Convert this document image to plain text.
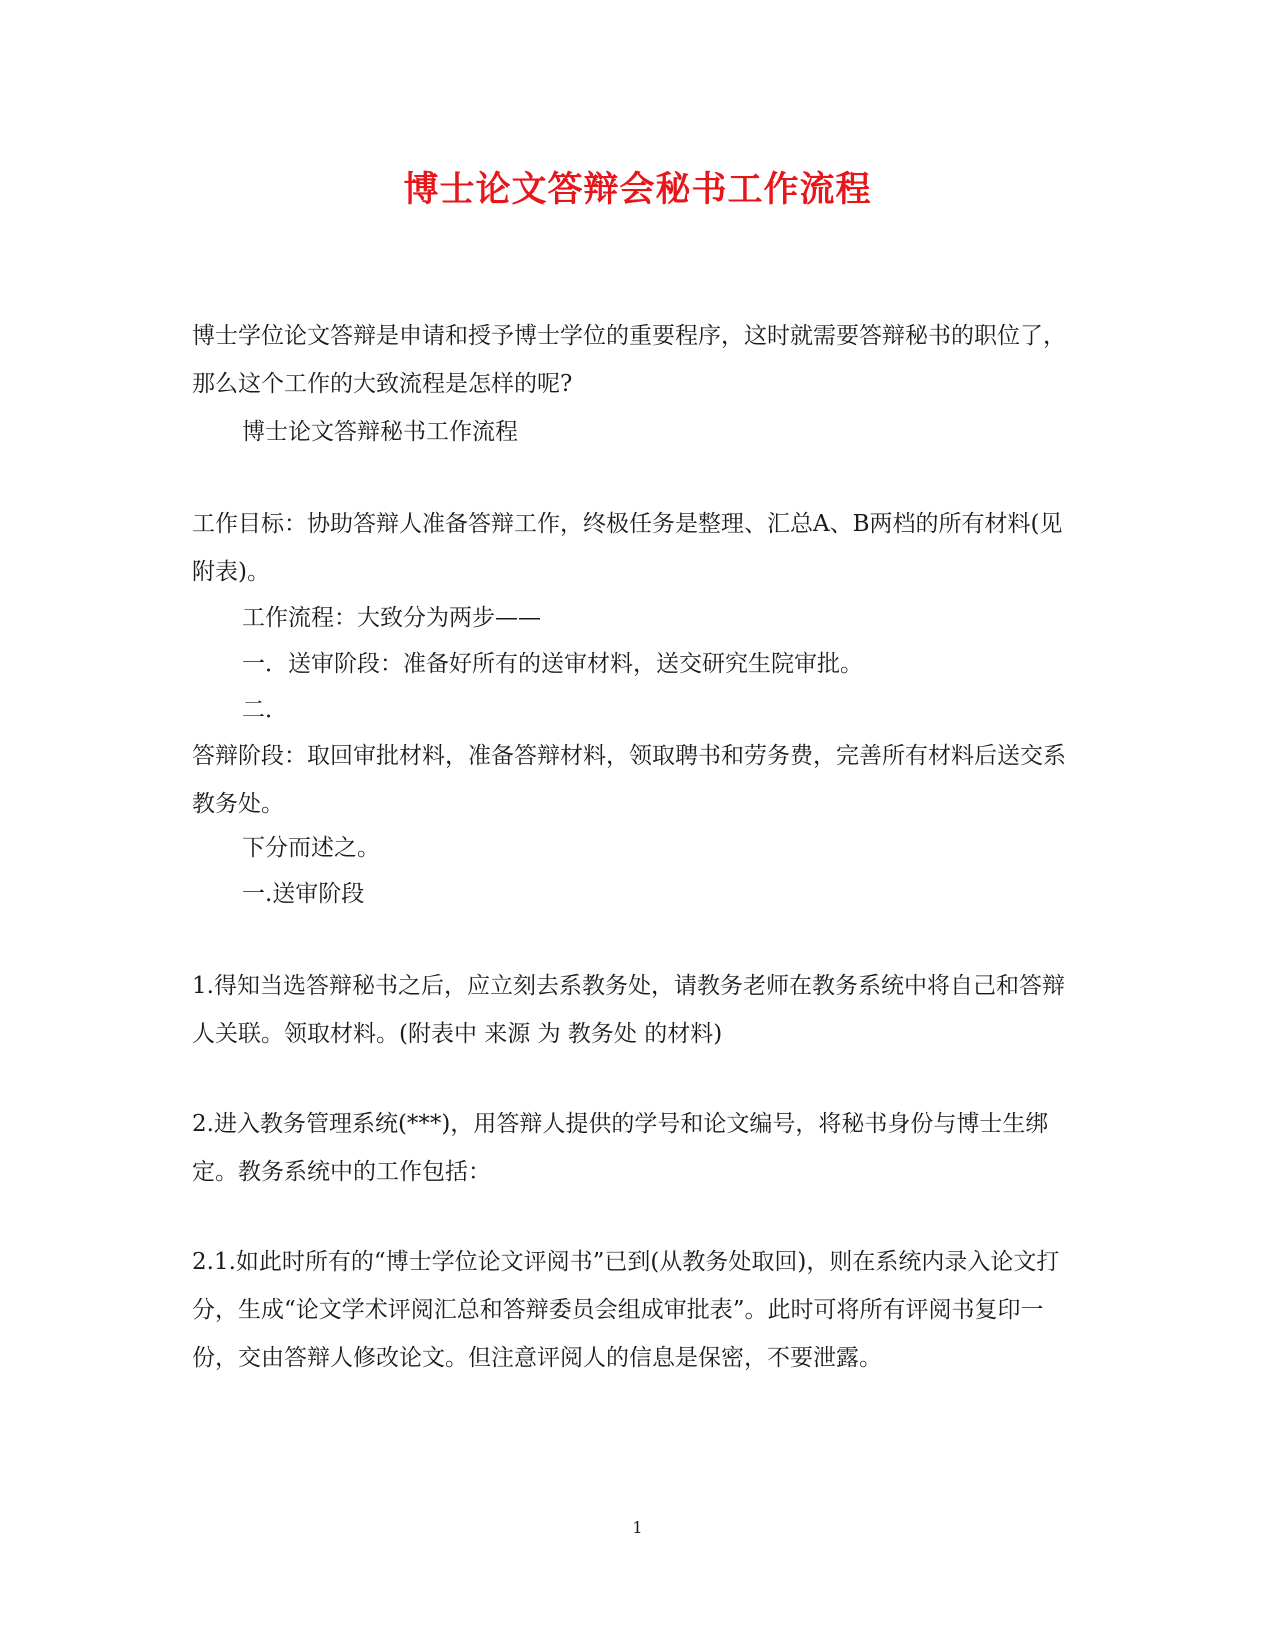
博士论文答辩会秘书工作流程

博士学位论文答辩是申请和授予博士学位的重要程序，这时就需要答辩秘书的职位了，那么这个工作的大致流程是怎样的呢?

博士论文答辩秘书工作流程

工作目标：协助答辩人准备答辩工作，终极任务是整理、汇总A、B两档的所有材料(见附表)。

工作流程：大致分为两步——

一．送审阶段：准备好所有的送审材料，送交研究生院审批。

二．

答辩阶段：取回审批材料，准备答辩材料，领取聘书和劳务费，完善所有材料后送交系教务处。

下分而述之。

一.送审阶段

1.得知当选答辩秘书之后，应立刻去系教务处，请教务老师在教务系统中将自己和答辩人关联。领取材料。(附表中 来源 为 教务处 的材料)

2.进入教务管理系统(***)，用答辩人提供的学号和论文编号，将秘书身份与博士生绑定。教务系统中的工作包括：

2.1.如此时所有的“博士学位论文评阅书”已到(从教务处取回)，则在系统内录入论文打分，生成“论文学术评阅汇总和答辩委员会组成审批表”。此时可将所有评阅书复印一份，交由答辩人修改论文。但注意评阅人的信息是保密，不要泄露。

1
